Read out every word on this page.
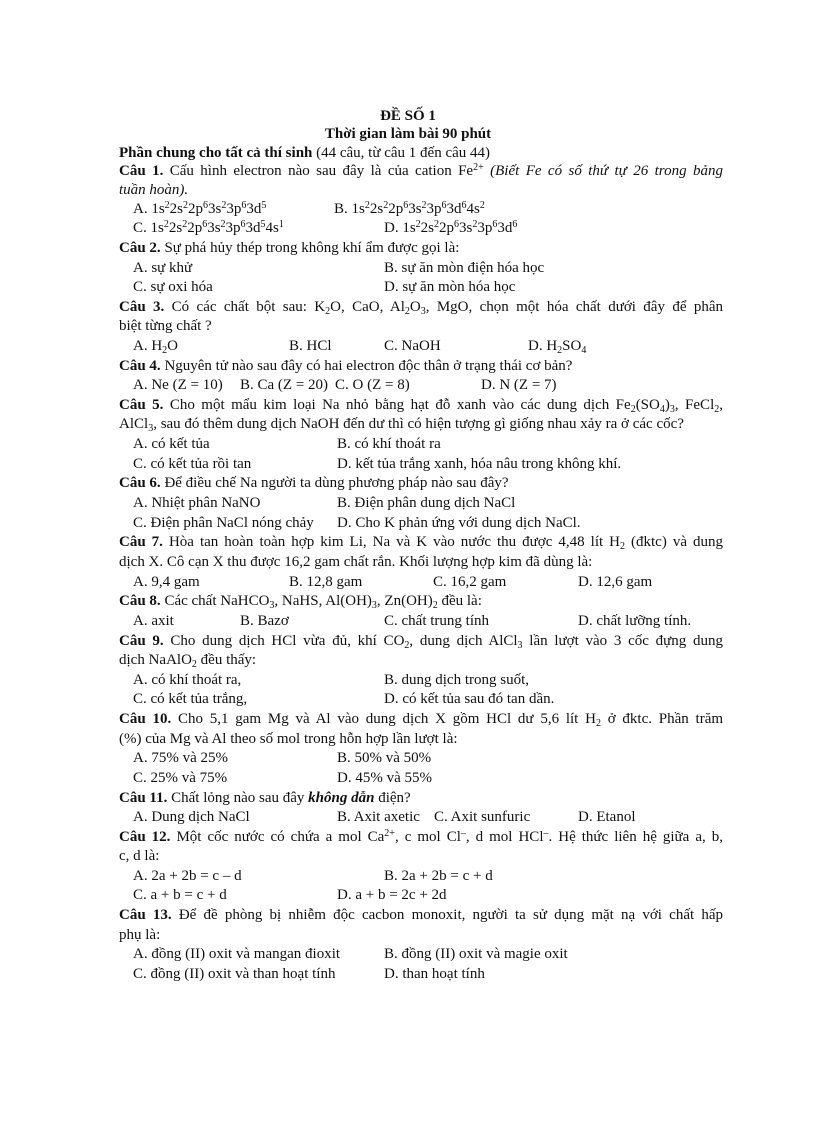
ĐỀ SỐ 1
Thời gian làm bài 90 phút
Phần chung cho tất cả thí sinh (44 câu, từ câu 1 đến câu 44)
Câu 1. Cấu hình electron nào sau đây là của cation $Fe^{2+}$ (Biết Fe có số thứ tự 26 trong bảng
tuần hoàn).
A. $1s^22s^22p^63s^23p^63d^5$	B. $1s^22s^22p^63s^23p^63d^64s^2$
C. $1s^22s^22p^63s^23p^63d^54s^1$	D. $1s^22s^22p^63s^23p^63d^6$
Câu 2. Sự phá hủy thép trong không khí ẩm được gọi là:
A. sự khử	B. sự ăn mòn điện hóa học
C. sự oxi hóa	D. sự ăn mòn hóa học
Câu 3. Có các chất bột sau: $K_2O$, CaO, $Al_2O_3$, MgO, chọn một hóa chất dưới đây để phân
biệt từng chất ?
A. $H_2O$	B. HCl	C. NaOH	D. $H_2SO_4$
Câu 4. Nguyên tử nào sau đây có hai electron độc thân ở trạng thái cơ bản?
A. Ne (Z = 10) B. Ca (Z = 20) C. O (Z = 8)	D. N (Z = 7)
Câu 5. Cho một mẩu kim loại Na nhỏ bằng hạt đỗ xanh vào các dung dịch $Fe_2(SO_4)_3$, FeCl$_2$,
AlCl$_3$, sau đó thêm dung dịch NaOH đến dư thì có hiện tượng gì giống nhau xảy ra ở các cốc?
A. có kết tủa	B. có khí thoát ra
C. có kết tủa rồi tan	D. kết tủa trắng xanh, hóa nâu trong không khí.
Câu 6. Để điều chế Na người ta dùng phương pháp nào sau đây?
A. Nhiệt phân NaNO	B. Điện phân dung dịch NaCl
C. Điện phân NaCl nóng chảy D. Cho K phản ứng với dung dịch NaCl.
Câu 7. Hòa tan hoàn toàn hợp kim Li, Na và K vào nước thu được 4,48 lít $H_2$ (đktc) và dung
dịch X. Cô cạn X thu được 16,2 gam chất rắn. Khối lượng hợp kim đã dùng là:
A. 9,4 gam	B. 12,8 gam	C. 16,2 gam	D. 12,6 gam
Câu 8. Các chất NaHCO$_3$, NaHS, $Al(OH)_3$, $Zn(OH)_2$ đều là:
A. axit	B. Bazơ	C. chất trung tính	D. chất lưỡng tính.
Câu 9. Cho dung dịch HCl vừa đủ, khí $CO_2$, dung dịch AlCl$_3$ lần lượt vào 3 cốc đựng dung
dịch NaAlO$_2$ đều thấy:
A. có khí thoát ra,	B. dung dịch trong suốt,
C. có kết tủa trắng,	D. có kết tủa sau đó tan dần.
Câu 10. Cho 5,1 gam Mg và Al vào dung dịch X gồm HCl dư 5,6 lít $H_2$ ở đktc. Phần trăm
(%) của Mg và Al theo số mol trong hỗn hợp lần lượt là:
A. 75% và 25%	B. 50% và 50%
C. 25% và 75%	D. 45% và 55%
Câu 11. Chất lỏng nào sau đây không dẫn điện?
A. Dung dịch NaCl	B. Axit axetic C. Axit sunfuric	D. Etanol
Câu 12. Một cốc nước có chứa a mol $Ca^{2+}$, c mol Cl–, d mol HCl–. Hệ thức liên hệ giữa a, b,
c, d là:
A. 2a + 2b = c – d	B. 2a + 2b = c + d
C. a + b = c + d	D. a + b = 2c + 2d
Câu 13. Để đề phòng bị nhiễm độc cacbon monoxit, người ta sử dụng mặt nạ với chất hấp
phụ là:
A. đồng (II) oxit và mangan đioxit	B. đồng (II) oxit và magie oxit
C. đồng (II) oxit và than hoạt tính	D. than hoạt tính
